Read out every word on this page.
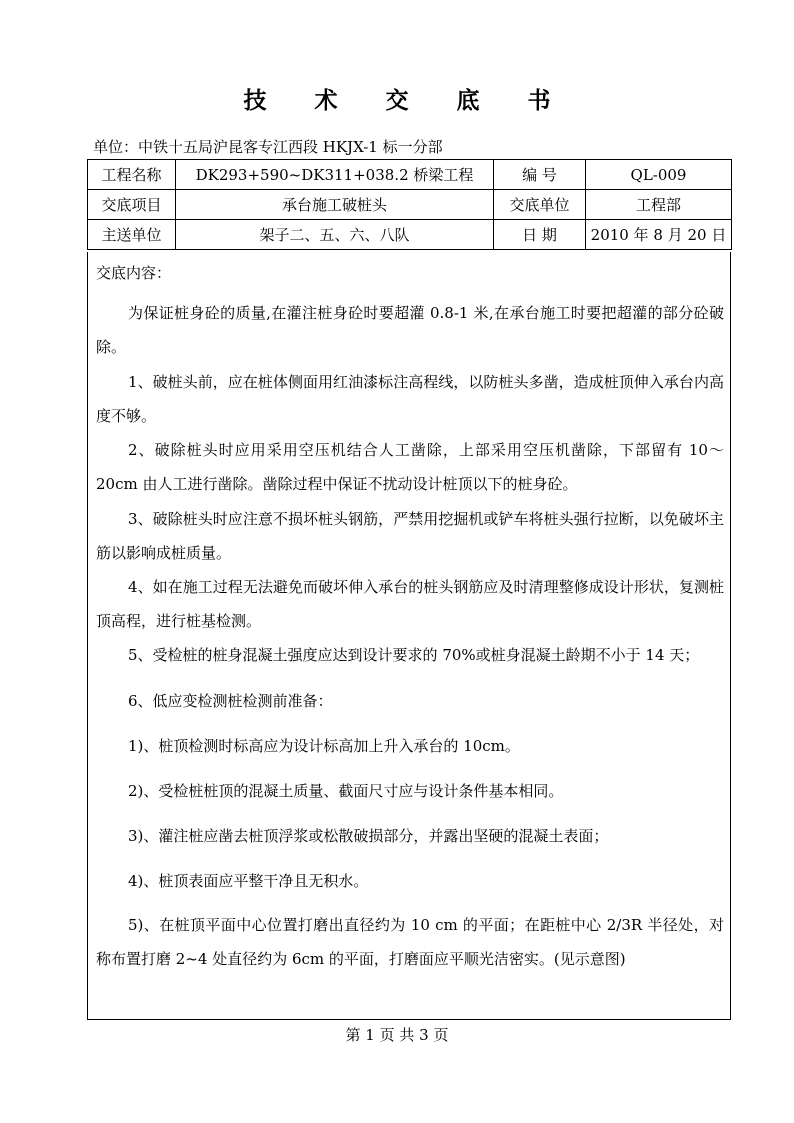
技 术 交 底 书
单位：中铁十五局沪昆客专江西段 HKJX-1 标一分部
工程名称	DK293+590~DK311+038.2 桥梁工程	编 号	QL-009
交底项目	承台施工破桩头	交底单位	工程部
主送单位	架子二、五、六、八队	日 期	2010 年 8 月 20 日
交底内容：

为保证桩身砼的质量,在灌注桩身砼时要超灌 0.8-1 米,在承台施工时要把超灌的部分砼破除。

1、破桩头前，应在桩体侧面用红油漆标注高程线，以防桩头多凿，造成桩顶伸入承台内高度不够。

2、破除桩头时应用采用空压机结合人工凿除，上部采用空压机凿除，下部留有 10～20cm 由人工进行凿除。凿除过程中保证不扰动设计桩顶以下的桩身砼。

3、破除桩头时应注意不损坏桩头钢筋，严禁用挖掘机或铲车将桩头强行拉断，以免破坏主筋以影响成桩质量。

4、如在施工过程无法避免而破坏伸入承台的桩头钢筋应及时清理整修成设计形状，复测桩顶高程，进行桩基检测。

5、受检桩的桩身混凝土强度应达到设计要求的 70%或桩身混凝土龄期不小于 14 天；

6、低应变检测桩检测前准备：

1)、桩顶检测时标高应为设计标高加上升入承台的 10cm。

2)、受检桩桩顶的混凝土质量、截面尺寸应与设计条件基本相同。

3)、灌注桩应凿去桩顶浮浆或松散破损部分，并露出坚硬的混凝土表面；

4)、桩顶表面应平整干净且无积水。

5)、在桩顶平面中心位置打磨出直径约为 10 cm 的平面；在距桩中心 2/3R 半径处，对称布置打磨 2~4 处直径约为 6cm 的平面，打磨面应平顺光洁密实。(见示意图)

第 1 页 共 3 页
